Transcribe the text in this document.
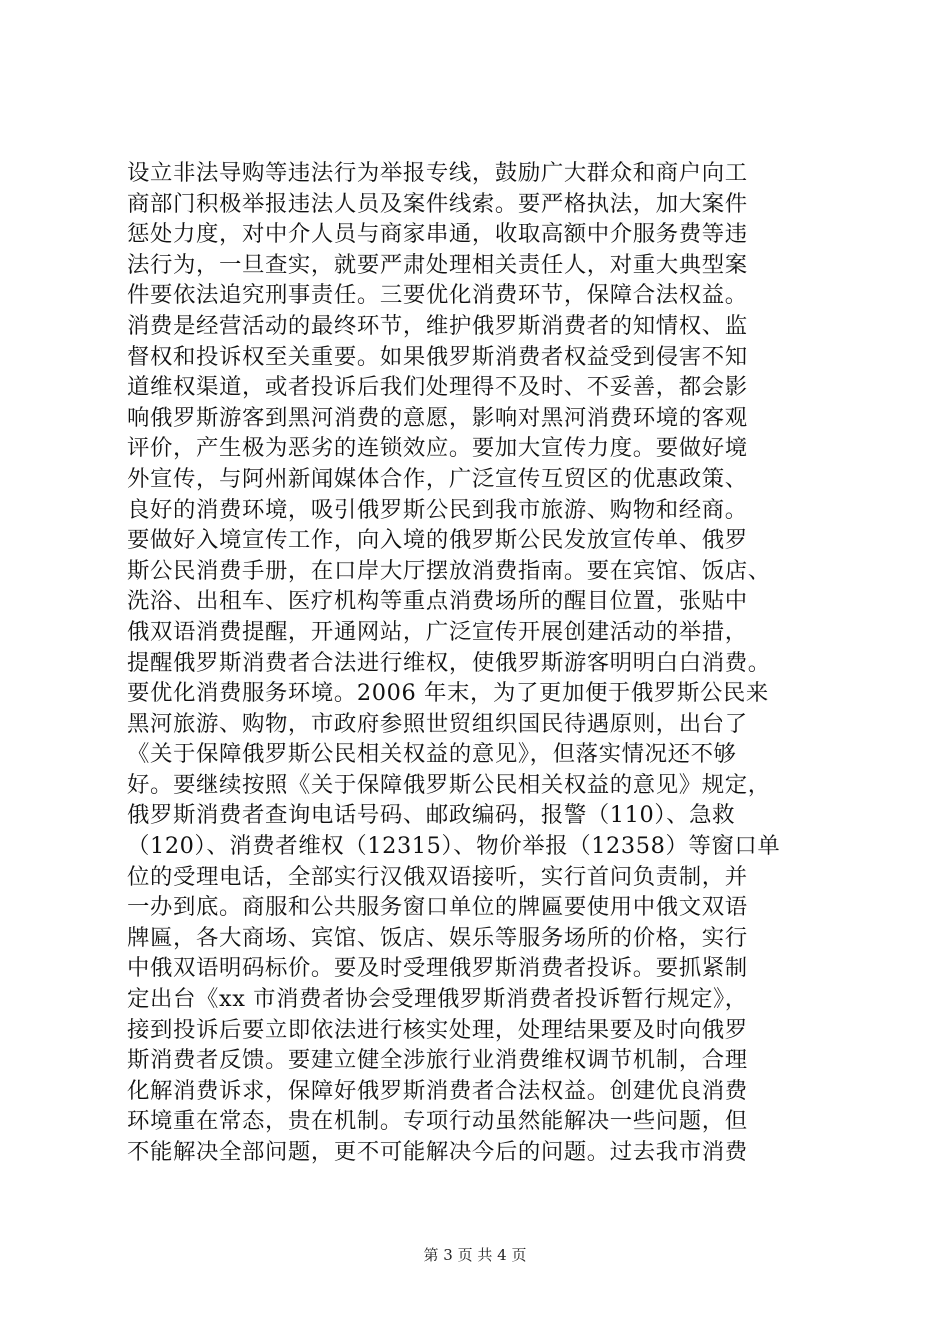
设立非法导购等违法行为举报专线，鼓励广大群众和商户向工
商部门积极举报违法人员及案件线索。要严格执法，加大案件
惩处力度，对中介人员与商家串通，收取高额中介服务费等违
法行为，一旦查实，就要严肃处理相关责任人，对重大典型案
件要依法追究刑事责任。三要优化消费环节，保障合法权益。
消费是经营活动的最终环节，维护俄罗斯消费者的知情权、监
督权和投诉权至关重要。如果俄罗斯消费者权益受到侵害不知
道维权渠道，或者投诉后我们处理得不及时、不妥善，都会影
响俄罗斯游客到黑河消费的意愿，影响对黑河消费环境的客观
评价，产生极为恶劣的连锁效应。要加大宣传力度。要做好境
外宣传，与阿州新闻媒体合作，广泛宣传互贸区的优惠政策、
良好的消费环境，吸引俄罗斯公民到我市旅游、购物和经商。
要做好入境宣传工作，向入境的俄罗斯公民发放宣传单、俄罗
斯公民消费手册，在口岸大厅摆放消费指南。要在宾馆、饭店、
洗浴、出租车、医疗机构等重点消费场所的醒目位置，张贴中
俄双语消费提醒，开通网站，广泛宣传开展创建活动的举措，
提醒俄罗斯消费者合法进行维权，使俄罗斯游客明明白白消费。
要优化消费服务环境。2006 年末，为了更加便于俄罗斯公民来
黑河旅游、购物，市政府参照世贸组织国民待遇原则，出台了
《关于保障俄罗斯公民相关权益的意见》，但落实情况还不够
好。要继续按照《关于保障俄罗斯公民相关权益的意见》规定，
俄罗斯消费者查询电话号码、邮政编码，报警（110）、急救
（120）、消费者维权（12315）、物价举报（12358）等窗口单
位的受理电话，全部实行汉俄双语接听，实行首问负责制，并
一办到底。商服和公共服务窗口单位的牌匾要使用中俄文双语
牌匾，各大商场、宾馆、饭店、娱乐等服务场所的价格，实行
中俄双语明码标价。要及时受理俄罗斯消费者投诉。要抓紧制
定出台《xx 市消费者协会受理俄罗斯消费者投诉暂行规定》，
接到投诉后要立即依法进行核实处理，处理结果要及时向俄罗
斯消费者反馈。要建立健全涉旅行业消费维权调节机制，合理
化解消费诉求，保障好俄罗斯消费者合法权益。创建优良消费
环境重在常态，贵在机制。专项行动虽然能解决一些问题，但
不能解决全部问题，更不可能解决今后的问题。过去我市消费
第 3 页 共 4 页
